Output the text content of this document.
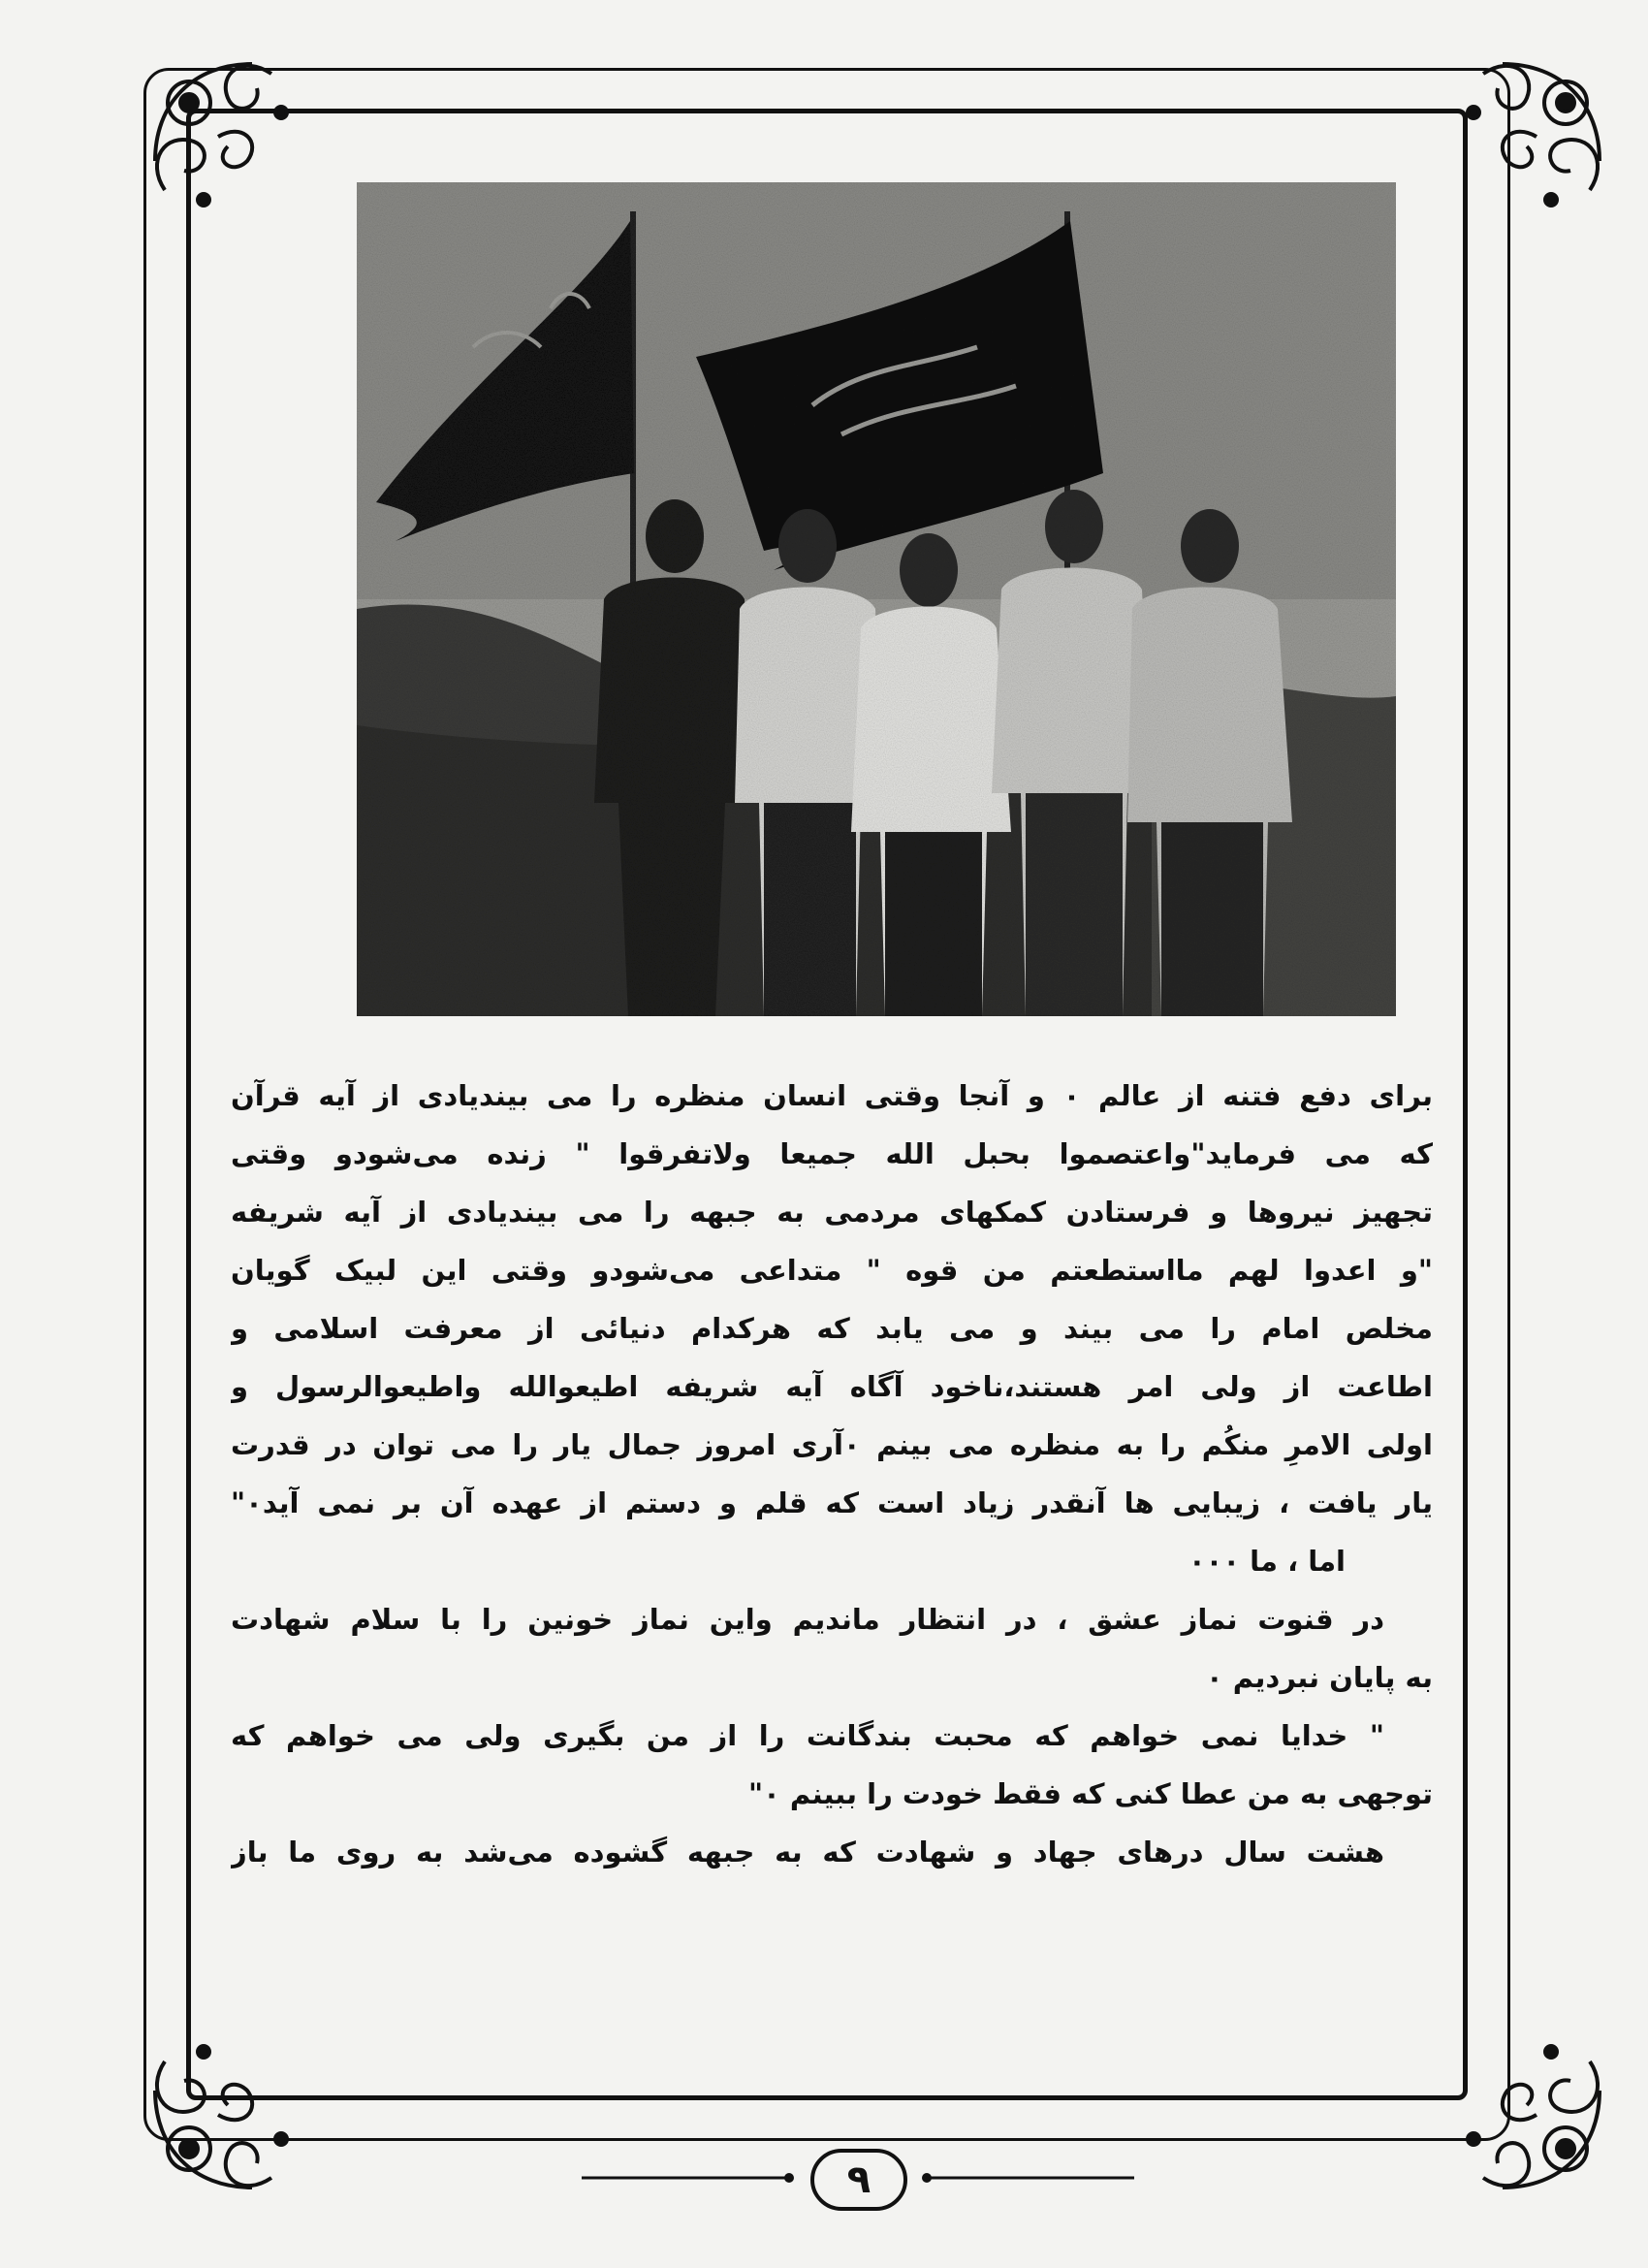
برای دفع فتنه از عالم ۰ و آنجا وقتی انسان منظره را می بیندیادی از آیه قرآن
که می فرماید"واعتصموا بحبل الله جمیعا ولاتفرقوا " زنده می‌شودو وقتی
تجهیز نیروها و فرستادن کمکهای مردمی به جبهه را می بیندیادی از آیه شریفه
"و اعدوا لهم مااستطعتم من قوه " متداعی می‌شودو وقتی این لبیک گویان
مخلص امام را می بیند و می یابد که هرکدام دنیائی از معرفت اسلامی و
اطاعت از ولی امر هستند،ناخود آگاه آیه شریفه اطیعوالله واطیعوالرسول و
اولی الامرِ منکُم را به منظره می بینم ۰آری امروز جمال یار را می توان در قدرت
یار یافت ، زیبایی ها آنقدر زیاد است که قلم و دستم از عهده آن بر نمی آید۰"
اما ، ما ۰۰۰
در قنوت نماز عشق ، در انتظار ماندیم واین نماز خونین را با سلام شهادت
به پایان نبردیم ۰
" خدایا نمی خواهم که محبت بندگانت را از من بگیری ولی می خواهم که
توجهی به من عطا کنی که فقط خودت را ببینم ۰"
هشت سال درهای جهاد و شهادت که به جبهه گشوده می‌شد به روی ما باز
۹
